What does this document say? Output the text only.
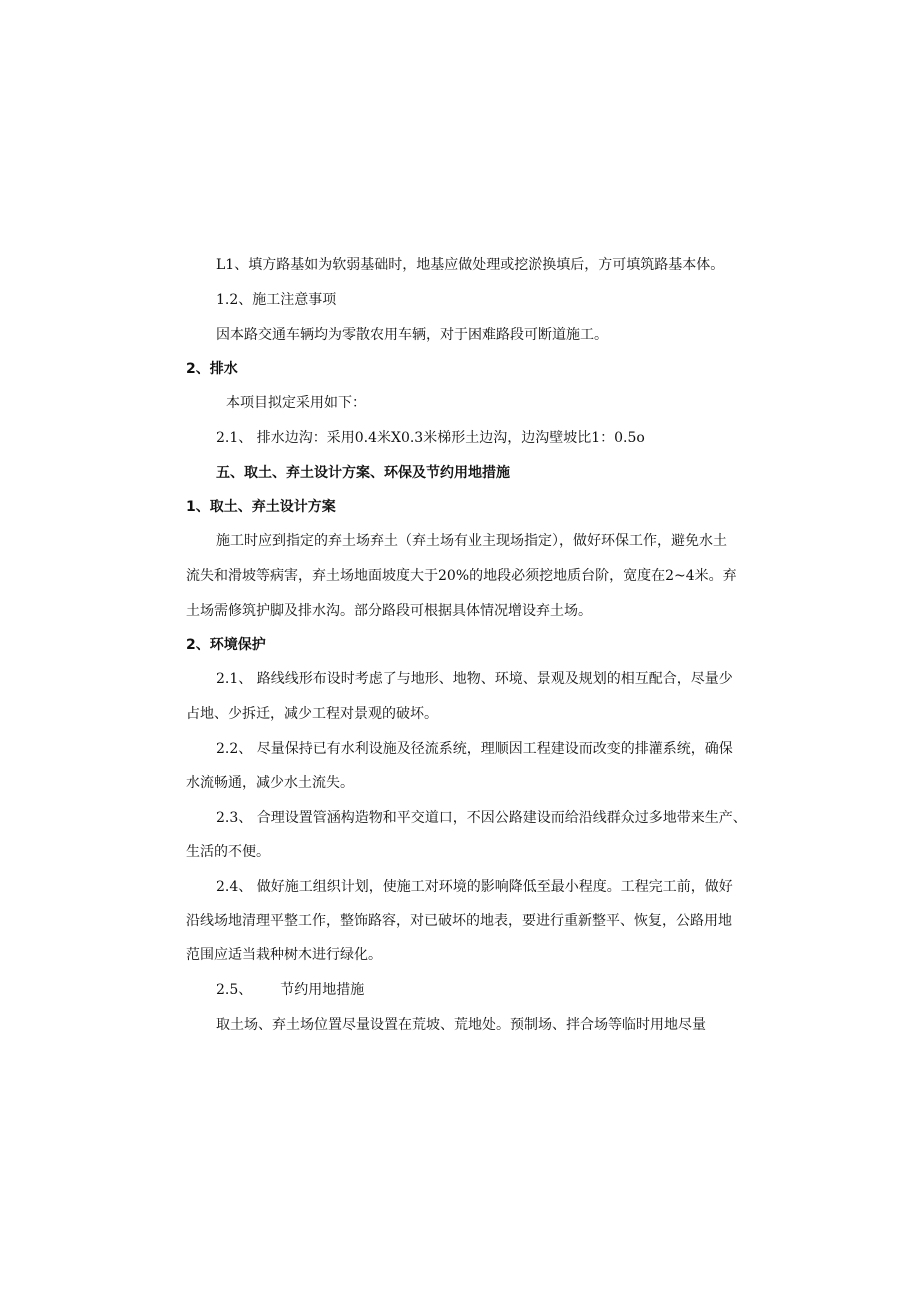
L1、填方路基如为软弱基础时，地基应做处理或挖淤换填后，方可填筑路基本体。
1.2、施工注意事项
因本路交通车辆均为零散农用车辆，对于困难路段可断道施工。
2、排水
本项目拟定采用如下：
2.1、 排水边沟：采用0.4米X0.3米梯形土边沟，边沟壁坡比1：0.5o
五、取土、弃土设计方案、环保及节约用地措施
1、取土、弃土设计方案
施工时应到指定的弃土场弃土（弃土场有业主现场指定），做好环保工作，避免水土
流失和滑坡等病害，弃土场地面坡度大于20%的地段必须挖地质台阶，宽度在2~4米。弃
土场需修筑护脚及排水沟。部分路段可根据具体情况增设弃土场。
2、环境保护
2.1、 路线线形布设时考虑了与地形、地物、环境、景观及规划的相互配合，尽量少
占地、少拆迁，减少工程对景观的破坏。
2.2、 尽量保持已有水利设施及径流系统，理顺因工程建设而改变的排灌系统，确保
水流畅通，减少水土流失。
2.3、 合理设置管涵构造物和平交道口，不因公路建设而给沿线群众过多地带来生产、
生活的不便。
2.4、 做好施工组织计划，使施工对环境的影响降低至最小程度。工程完工前，做好
沿线场地清理平整工作，整饰路容，对已破坏的地表，要进行重新整平、恢复，公路用地
范围应适当栽种树木进行绿化。
2.5、 节约用地措施
取土场、弃土场位置尽量设置在荒坡、荒地处。预制场、拌合场等临时用地尽量
